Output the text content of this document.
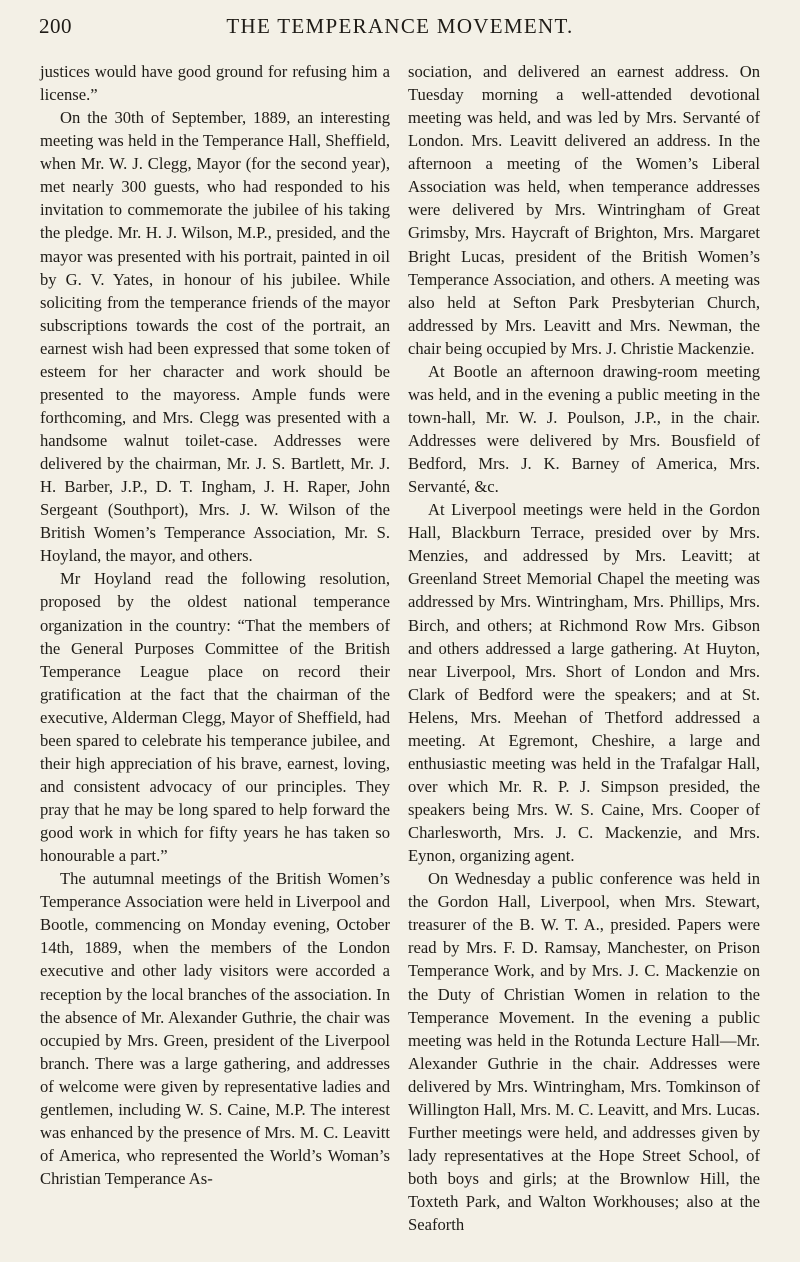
200	THE TEMPERANCE MOVEMENT.

justices would have good ground for refusing him a license.”

On the 30th of September, 1889, an interesting meeting was held in the Temperance Hall, Sheffield, when Mr. W. J. Clegg, Mayor (for the second year), met nearly 300 guests, who had responded to his invitation to commemorate the jubilee of his taking the pledge. Mr. H. J. Wilson, M.P., presided, and the mayor was presented with his portrait, painted in oil by G. V. Yates, in honour of his jubilee. While soliciting from the temperance friends of the mayor subscriptions towards the cost of the portrait, an earnest wish had been expressed that some token of esteem for her character and work should be presented to the mayoress. Ample funds were forthcoming, and Mrs. Clegg was presented with a handsome walnut toilet-case. Addresses were delivered by the chairman, Mr. J. S. Bartlett, Mr. J. H. Barber, J.P., D. T. Ingham, J. H. Raper, John Sergeant (Southport), Mrs. J. W. Wilson of the British Women’s Temperance Association, Mr. S. Hoyland, the mayor, and others.

Mr Hoyland read the following resolution, proposed by the oldest national temperance organization in the country: “That the members of the General Purposes Committee of the British Temperance League place on record their gratification at the fact that the chairman of the executive, Alderman Clegg, Mayor of Sheffield, had been spared to celebrate his temperance jubilee, and their high appreciation of his brave, earnest, loving, and consistent advocacy of our principles. They pray that he may be long spared to help forward the good work in which for fifty years he has taken so honourable a part.”

The autumnal meetings of the British Women’s Temperance Association were held in Liverpool and Bootle, commencing on Monday evening, October 14th, 1889, when the members of the London executive and other lady visitors were accorded a reception by the local branches of the association. In the absence of Mr. Alexander Guthrie, the chair was occupied by Mrs. Green, president of the Liverpool branch. There was a large gathering, and addresses of welcome were given by representative ladies and gentlemen, including W. S. Caine, M.P. The interest was enhanced by the presence of Mrs. M. C. Leavitt of America, who represented the World’s Woman’s Christian Temperance As-

sociation, and delivered an earnest address. On Tuesday morning a well-attended devotional meeting was held, and was led by Mrs. Servanté of London. Mrs. Leavitt delivered an address. In the afternoon a meeting of the Women’s Liberal Association was held, when temperance addresses were delivered by Mrs. Wintringham of Great Grimsby, Mrs. Haycraft of Brighton, Mrs. Margaret Bright Lucas, president of the British Women’s Temperance Association, and others. A meeting was also held at Sefton Park Presbyterian Church, addressed by Mrs. Leavitt and Mrs. Newman, the chair being occupied by Mrs. J. Christie Mackenzie.

At Bootle an afternoon drawing-room meeting was held, and in the evening a public meeting in the town-hall, Mr. W. J. Poulson, J.P., in the chair. Addresses were delivered by Mrs. Bousfield of Bedford, Mrs. J. K. Barney of America, Mrs. Servanté, &c.

At Liverpool meetings were held in the Gordon Hall, Blackburn Terrace, presided over by Mrs. Menzies, and addressed by Mrs. Leavitt; at Greenland Street Memorial Chapel the meeting was addressed by Mrs. Wintringham, Mrs. Phillips, Mrs. Birch, and others; at Richmond Row Mrs. Gibson and others addressed a large gathering. At Huyton, near Liverpool, Mrs. Short of London and Mrs. Clark of Bedford were the speakers; and at St. Helens, Mrs. Meehan of Thetford addressed a meeting. At Egremont, Cheshire, a large and enthusiastic meeting was held in the Trafalgar Hall, over which Mr. R. P. J. Simpson presided, the speakers being Mrs. W. S. Caine, Mrs. Cooper of Charlesworth, Mrs. J. C. Mackenzie, and Mrs. Eynon, organizing agent.

On Wednesday a public conference was held in the Gordon Hall, Liverpool, when Mrs. Stewart, treasurer of the B. W. T. A., presided. Papers were read by Mrs. F. D. Ramsay, Manchester, on Prison Temperance Work, and by Mrs. J. C. Mackenzie on the Duty of Christian Women in relation to the Temperance Movement. In the evening a public meeting was held in the Rotunda Lecture Hall—Mr. Alexander Guthrie in the chair. Addresses were delivered by Mrs. Wintringham, Mrs. Tomkinson of Willington Hall, Mrs. M. C. Leavitt, and Mrs. Lucas. Further meetings were held, and addresses given by lady representatives at the Hope Street School, of both boys and girls; at the Brownlow Hill, the Toxteth Park, and Walton Workhouses; also at the Seaforth
